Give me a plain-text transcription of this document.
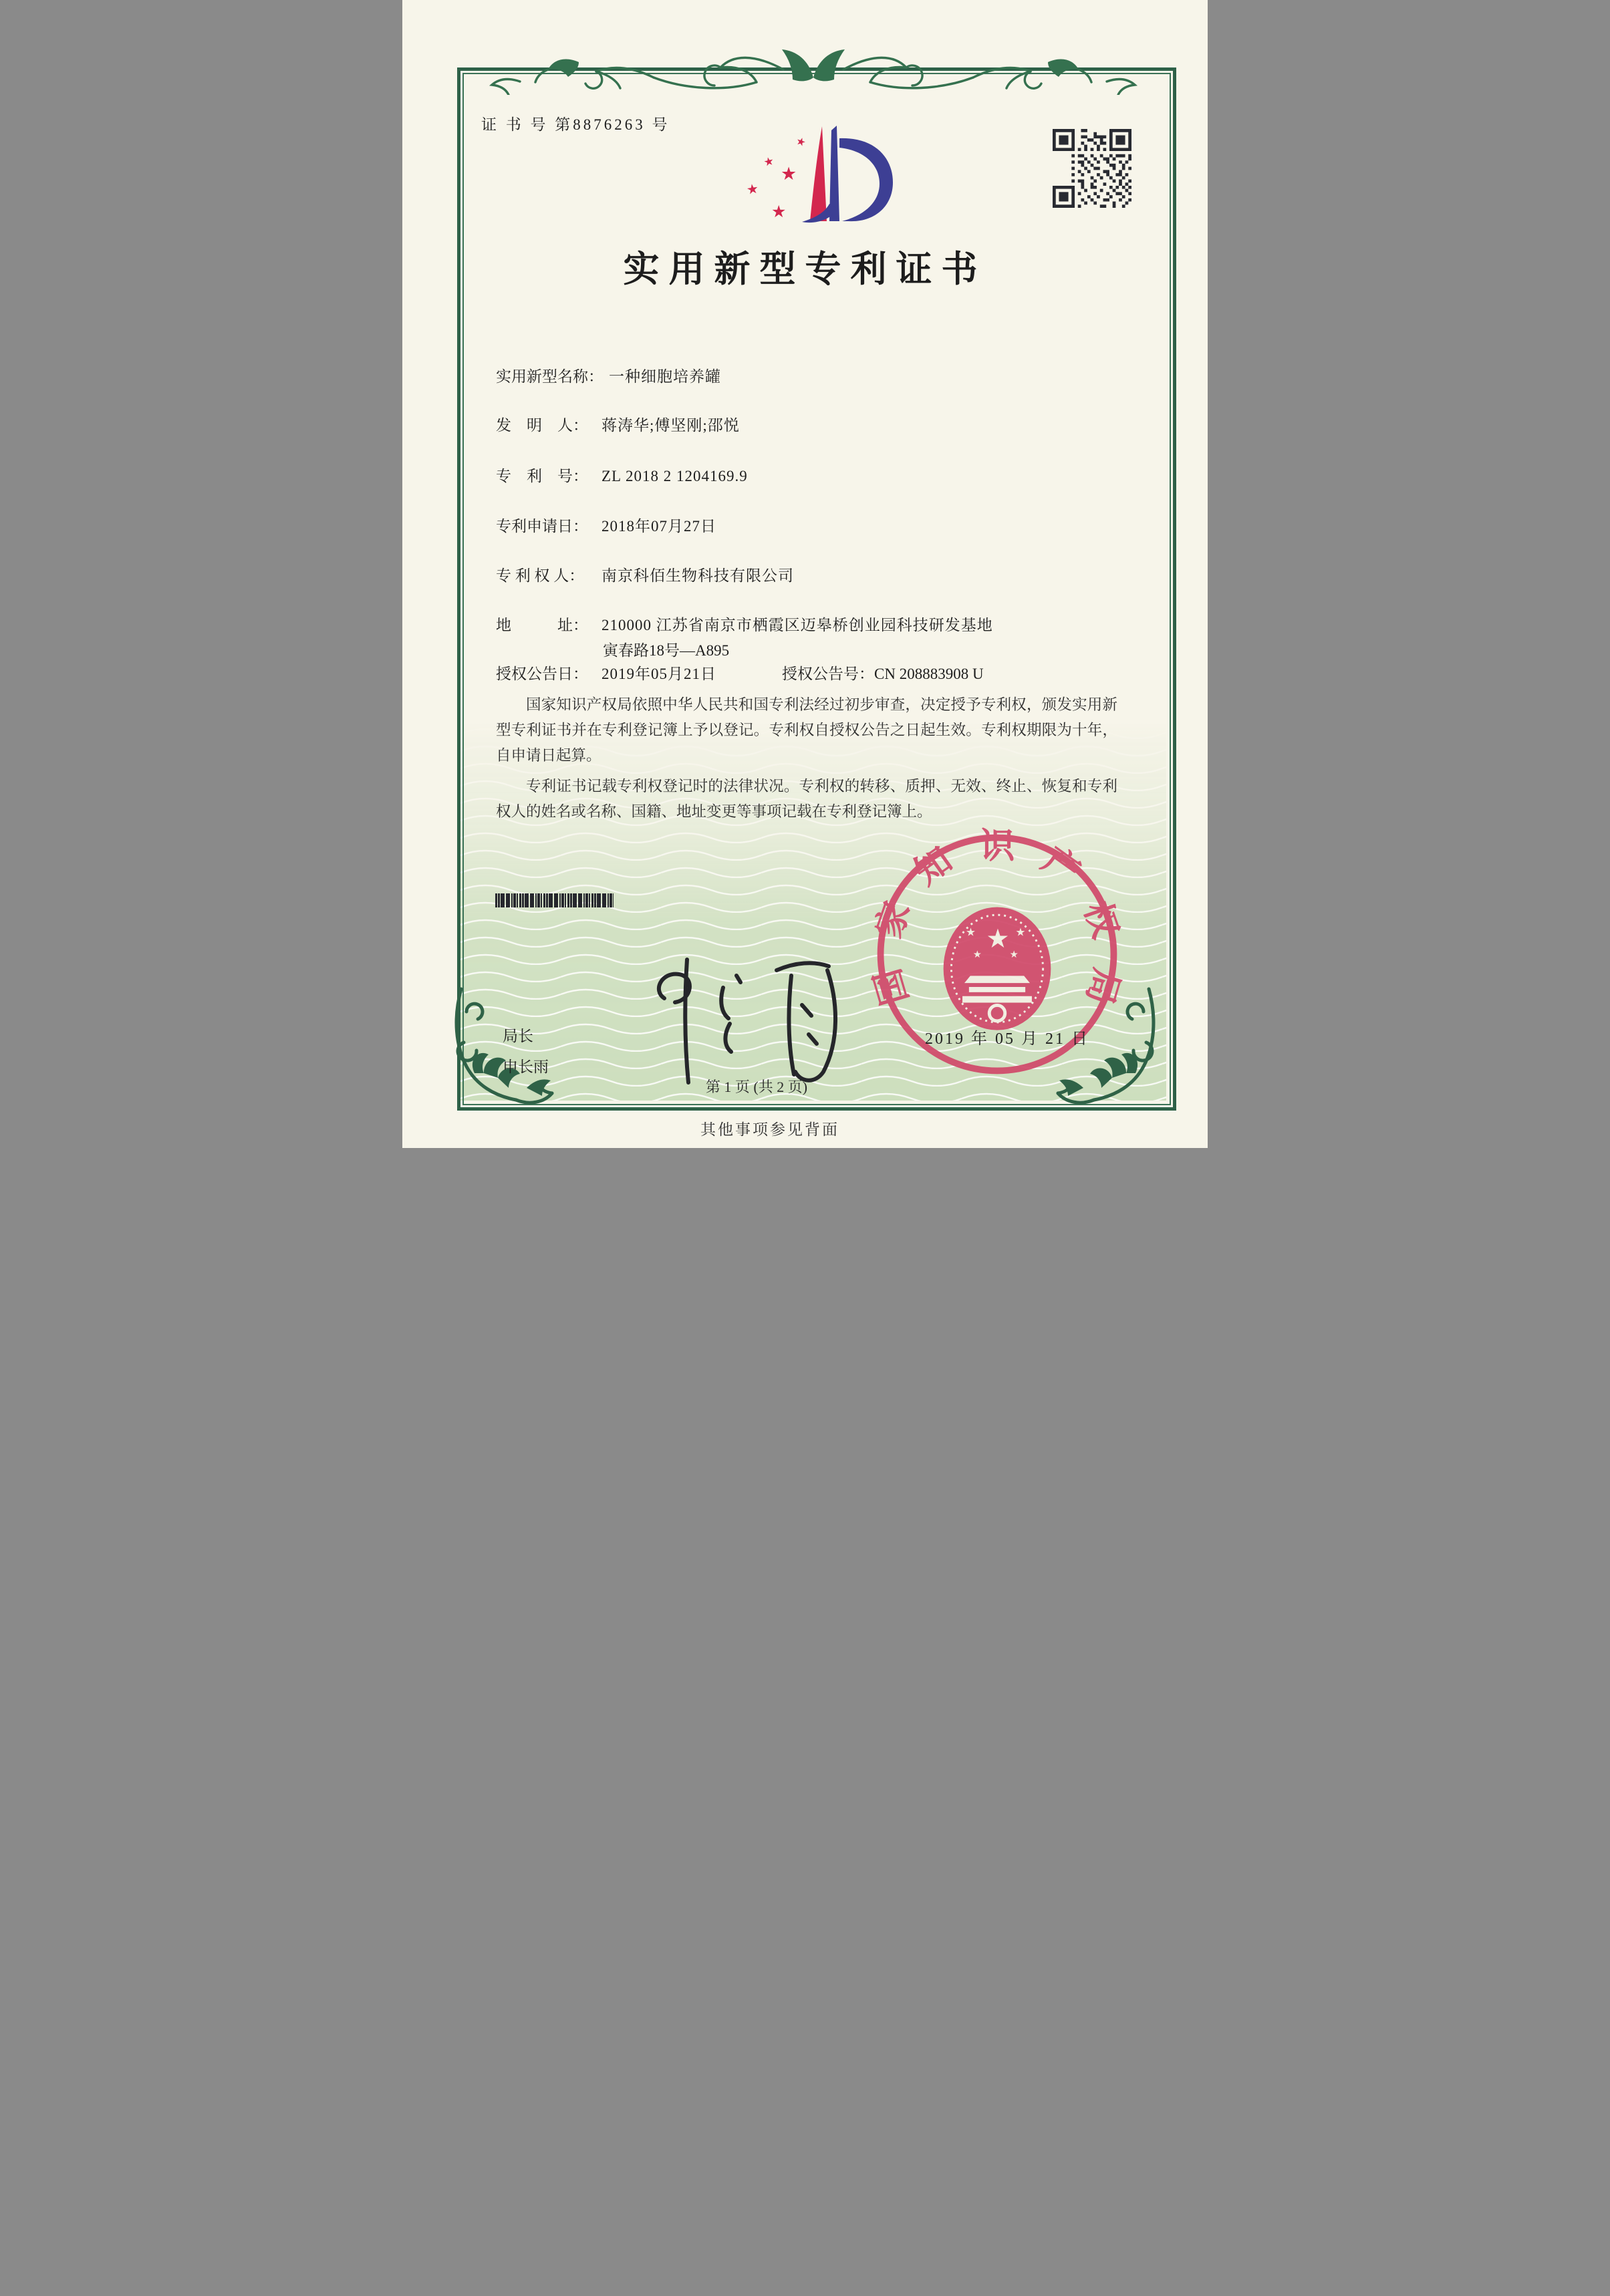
证 书 号 第8876263 号
★
★
★
★
★
实用新型专利证书
实用新型名称： 一种细胞培养罐
发　明　人： 蒋涛华;傅坚刚;邵悦
专　利　号： ZL 2018 2 1204169.9
专利申请日： 2018年07月27日
专 利 权 人： 南京科佰生物科技有限公司
地　　　址： 210000 江苏省南京市栖霞区迈皋桥创业园科技研发基地
寅春路18号—A895
授权公告日： 2019年05月21日	授权公告号：CN 208883908 U

国家知识产权局依照中华人民共和国专利法经过初步审查，决定授予专利权，颁发实用新型专利证书并在专利登记簿上予以登记。专利权自授权公告之日起生效。专利权期限为十年，自申请日起算。

专利证书记载专利权登记时的法律状况。专利权的转移、质押、无效、终止、恢复和专利权人的姓名或名称、国籍、地址变更等事项记载在专利登记簿上。

局长
申长雨
国家知识产权局
★
★	★
★	★
2019 年 05 月 21 日
第 1 页 (共 2 页)
其他事项参见背面
